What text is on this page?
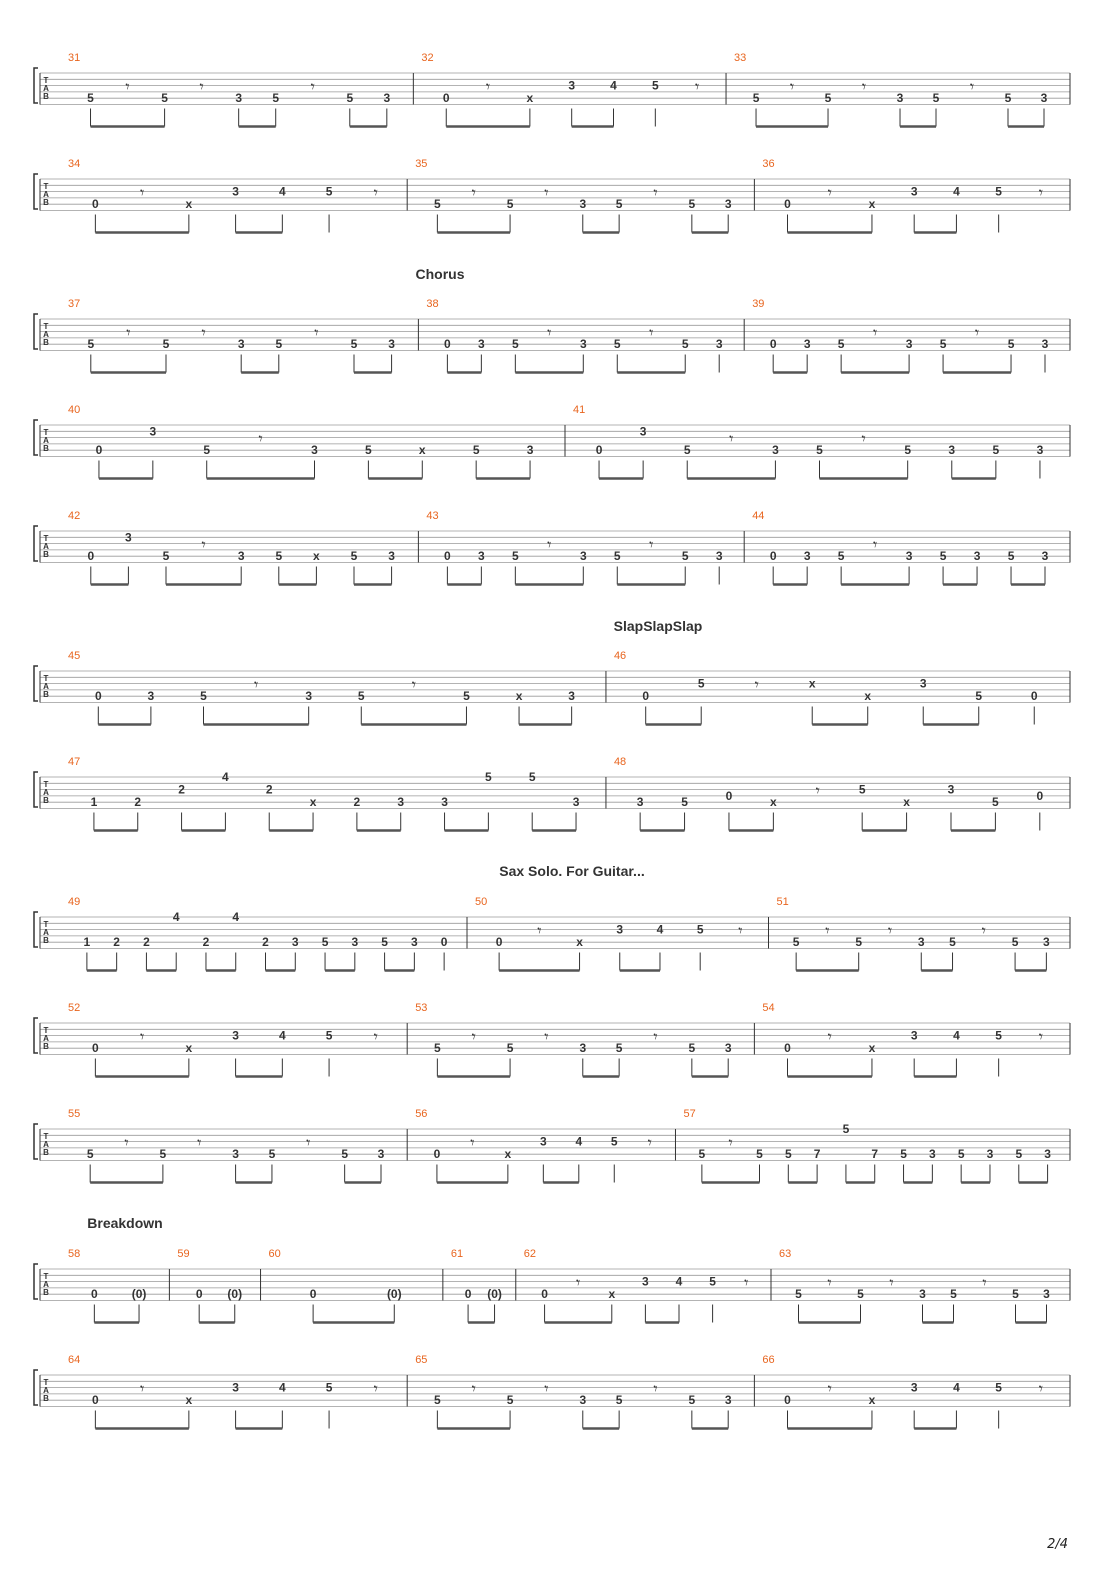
T
A
B
31
5
𝄾
5
𝄾
3	5
𝄾
5	3
32
0
𝄾
x
3	4	5 𝄾
33
5
𝄾
5
𝄾
3 5
𝄾
5 3
T
A
B
34
0
𝄾
x
3	4	5	𝄾
35
5
𝄾
5
𝄾
3 5
𝄾
5 3
36
0
𝄾
x
3	4	5 𝄾
Chorus
T
A
B
37
5
𝄾
5
𝄾
3	5
𝄾
5	3
38
0 3 5
𝄾
3 5
𝄾
5 3
39
0 3 5
𝄾
3 5
𝄾
5 3
T
A
B
40
0
3
5
𝄾
3	5	x	5	3
41
0
3
5
𝄾
3	5
𝄾
5	3	5	3
T
A
B
42
0
3
5
𝄾
3	5	x	5	3
43
0 3 5
𝄾
3 5
𝄾
5 3
44
0 3 5
𝄾
3 5 3 5 3
SlapSlapSlap
T
A
B
45
0	3	5
𝄾
3	5
𝄾
5	x	3
46
0
5	𝄾	x
x
3
5	0
T
A
B
47
1	2
2
4
2
x	2	3	3
5	5
3
48
3	5	0	x
𝄾	5
x
3
5	0
Sax Solo. For Guitar...
T
A
B
49
1 2 2
4
2
4
2 3 5 3 5 3 0
50
0
𝄾
x
3	4	5 𝄾
51
5
𝄾
5
𝄾
3 5
𝄾
5 3
T
A
B
52
0
𝄾
x
3	4	5	𝄾
53
5
𝄾
5
𝄾
3 5
𝄾
5 3
54
0
𝄾
x
3	4	5 𝄾
T
A
B
55
5
𝄾
5
𝄾
3 5
𝄾
5 3
56
0
𝄾
x
3 4 5 𝄾
57
5
𝄾
5 5 7
5
7 5 3 5 3 5 3
Breakdown
T
A
B
58
0	(0)
59
0 (0)
60
0	(0)
61
0 (0)
62
0
𝄾
x
3 4 5 𝄾
63
5
𝄾
5
𝄾
3 5
𝄾
5 3
T
A
B
64
0
𝄾
x
3	4	5	𝄾
65
5
𝄾
5
𝄾
3 5
𝄾
5 3
66
0
𝄾
x
3	4	5 𝄾
2/4
